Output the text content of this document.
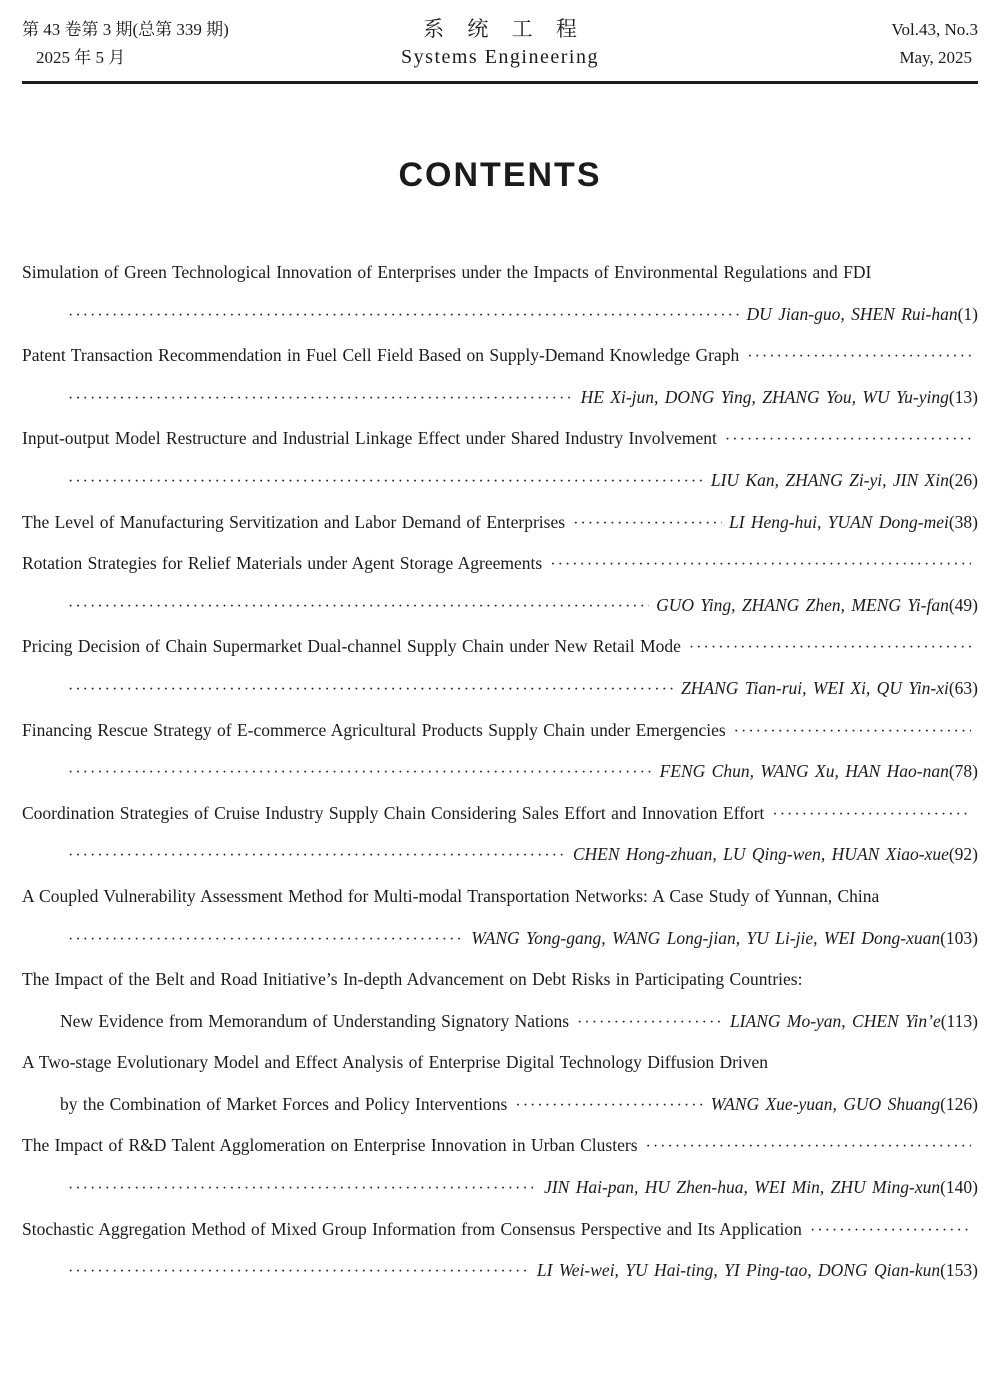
第 43 卷第 3 期(总第 339 期)
2025 年 5 月
系 统 工 程
Systems Engineering
Vol.43, No.3
May, 2025
CONTENTS
Simulation of Green Technological Innovation of Enterprises under the Impacts of Environmental Regulations and FDI
·····
DU Jian-guo, SHEN Rui-han (1)
Patent Transaction Recommendation in Fuel Cell Field Based on Supply-Demand Knowledge Graph
·····
·····
HE Xi-jun, DONG Ying, ZHANG You, WU Yu-ying (13)
Input-output Model Restructure and Industrial Linkage Effect under Shared Industry Involvement
·····
·····
LIU Kan, ZHANG Zi-yi, JIN Xin (26)
The Level of Manufacturing Servitization and Labor Demand of Enterprises ·····	LI Heng-hui, YUAN Dong-mei (38)
Rotation Strategies for Relief Materials under Agent Storage Agreements
·····
·····
GUO Ying, ZHANG Zhen, MENG Yi-fan (49)
Pricing Decision of Chain Supermarket Dual-channel Supply Chain under New Retail Mode
·····
·····
ZHANG Tian-rui, WEI Xi, QU Yin-xi (63)
Financing Rescue Strategy of E-commerce Agricultural Products Supply Chain under Emergencies
·····
·····
FENG Chun, WANG Xu, HAN Hao-nan (78)
Coordination Strategies of Cruise Industry Supply Chain Considering Sales Effort and Innovation Effort
·····
·····
CHEN Hong-zhuan, LU Qing-wen, HUAN Xiao-xue (92)
A Coupled Vulnerability Assessment Method for Multi-modal Transportation Networks: A Case Study of Yunnan, China
·····
WANG Yong-gang, WANG Long-jian, YU Li-jie, WEI Dong-xuan (103)
The Impact of the Belt and Road Initiative’s In-depth Advancement on Debt Risks in Participating Countries:
New Evidence from Memorandum of Understanding Signatory Nations ·····	LIANG Mo-yan, CHEN Yin’e (113)
A Two-stage Evolutionary Model and Effect Analysis of Enterprise Digital Technology Diffusion Driven
by the Combination of Market Forces and Policy Interventions ·····	WANG Xue-yuan, GUO Shuang (126)
The Impact of R&D Talent Agglomeration on Enterprise Innovation in Urban Clusters
·····
·····
JIN Hai-pan, HU Zhen-hua, WEI Min, ZHU Ming-xun (140)
Stochastic Aggregation Method of Mixed Group Information from Consensus Perspective and Its Application
·····
·····
LI Wei-wei, YU Hai-ting, YI Ping-tao, DONG Qian-kun (153)
